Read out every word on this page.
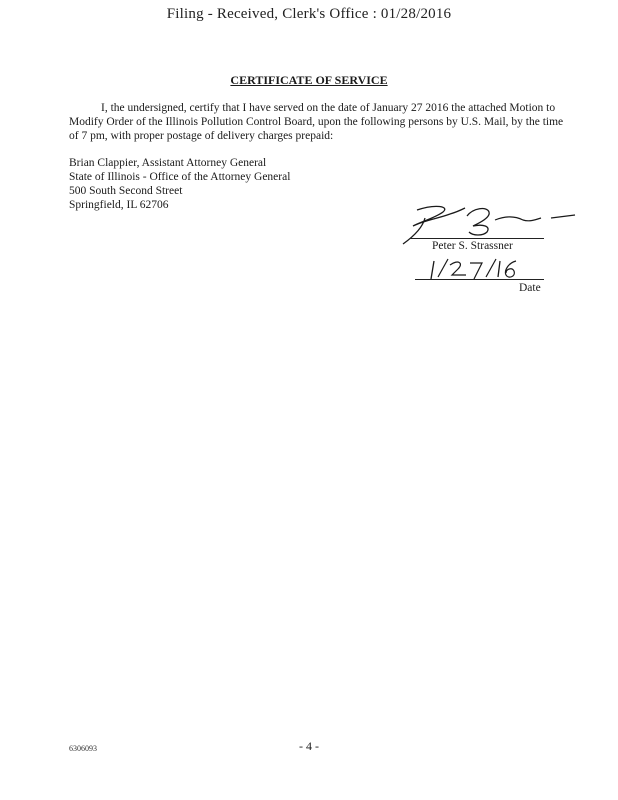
Filing - Received, Clerk's Office : 01/28/2016
CERTIFICATE OF SERVICE

I, the undersigned, certify that I have served on the date of January 27 2016 the attached Motion to Modify Order of the Illinois Pollution Control Board, upon the following persons by U.S. Mail, by the time of 7 pm, with proper postage of delivery charges prepaid:

Brian Clappier, Assistant Attorney General
State of Illinois - Office of the Attorney General
500 South Second Street
Springfield, IL 62706
Peter S. Strassner
Date
6306093	- 4 -
